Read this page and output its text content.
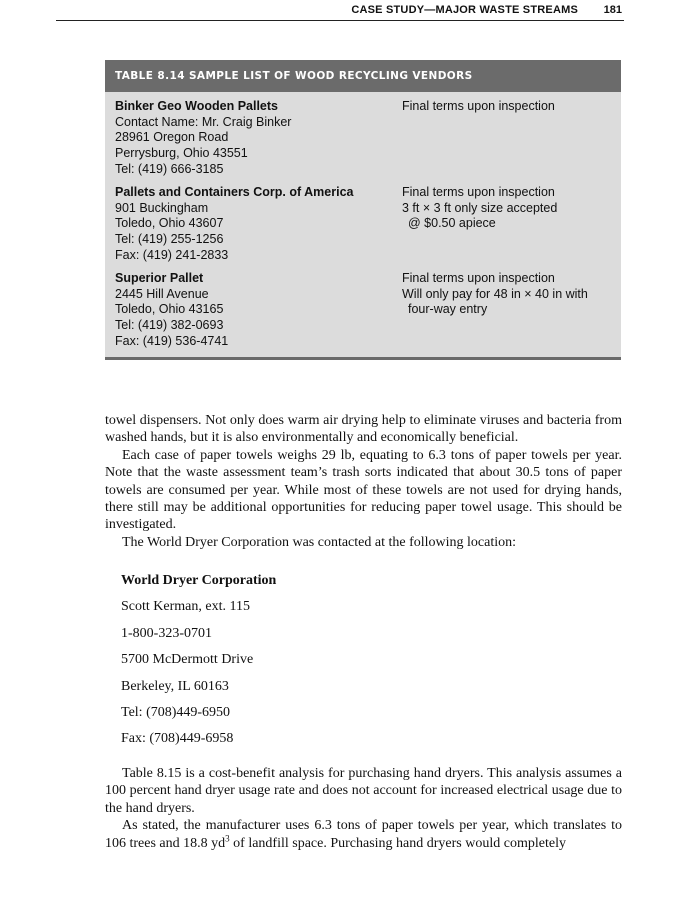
CASE STUDY—MAJOR WASTE STREAMS 181
TABLE 8.14 SAMPLE LIST OF WOOD RECYCLING VENDORS
Binker Geo Wooden Pallets
Contact Name: Mr. Craig Binker
28961 Oregon Road
Perrysburg, Ohio 43551
Tel: (419) 666-3185
Final terms upon inspection
Pallets and Containers Corp. of America
901 Buckingham
Toledo, Ohio 43607
Tel: (419) 255-1256
Fax: (419) 241-2833
Final terms upon inspection
3 ft × 3 ft only size accepted
@ $0.50 apiece
Superior Pallet
2445 Hill Avenue
Toledo, Ohio 43165
Tel: (419) 382-0693
Fax: (419) 536-4741
Final terms upon inspection
Will only pay for 48 in × 40 in with
four-way entry

towel dispensers. Not only does warm air drying help to eliminate viruses and bacteria from washed hands, but it is also environmentally and economically beneficial.

Each case of paper towels weighs 29 lb, equating to 6.3 tons of paper towels per year. Note that the waste assessment team’s trash sorts indicated that about 30.5 tons of paper towels are consumed per year. While most of these towels are not used for drying hands, there still may be additional opportunities for reducing paper towel usage. This should be investigated.

The World Dryer Corporation was contacted at the following location:

World Dryer Corporation
Scott Kerman, ext. 115
1-800-323-0701
5700 McDermott Drive
Berkeley, IL 60163
Tel: (708)449-6950
Fax: (708)449-6958

Table 8.15 is a cost-benefit analysis for purchasing hand dryers. This analysis assumes a 100 percent hand dryer usage rate and does not account for increased electrical usage due to the hand dryers.

As stated, the manufacturer uses 6.3 tons of paper towels per year, which translates to 106 trees and 18.8 $yd^3$ of landfill space. Purchasing hand dryers would completely
